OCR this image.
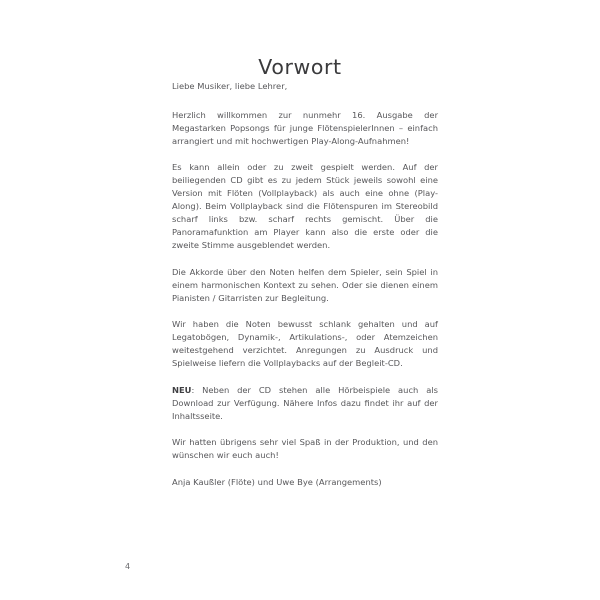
Vorwort

Liebe Musiker, liebe Lehrer,

Herzlich willkommen zur nunmehr 16. Ausgabe der Megastarken Popsongs für junge FlötenspielerInnen – einfach arrangiert und mit hochwertigen Play-Along-Aufnahmen!

Es kann allein oder zu zweit gespielt werden. Auf der beiliegenden CD gibt es zu jedem Stück jeweils sowohl eine Version mit Flöten (Vollplayback) als auch eine ohne (Play-Along). Beim Vollplayback sind die Flötenspuren im Stereobild scharf links bzw. scharf rechts gemischt. Über die Panoramafunktion am Player kann also die erste oder die zweite Stimme ausgeblendet werden.

Die Akkorde über den Noten helfen dem Spieler, sein Spiel in einem harmonischen Kontext zu sehen. Oder sie dienen einem Pianisten / Gitarristen zur Begleitung.

Wir haben die Noten bewusst schlank gehalten und auf Legatobögen, Dynamik-, Artikulations-, oder Atemzeichen weitestgehend verzichtet. Anregungen zu Ausdruck und Spielweise liefern die Vollplaybacks auf der Begleit-CD.

NEU: Neben der CD stehen alle Hörbeispiele auch als Download zur Verfügung. Nähere Infos dazu findet ihr auf der Inhaltsseite.

Wir hatten übrigens sehr viel Spaß in der Produktion, und den wünschen wir euch auch!

Anja Kaußler (Flöte) und Uwe Bye (Arrangements)

4
